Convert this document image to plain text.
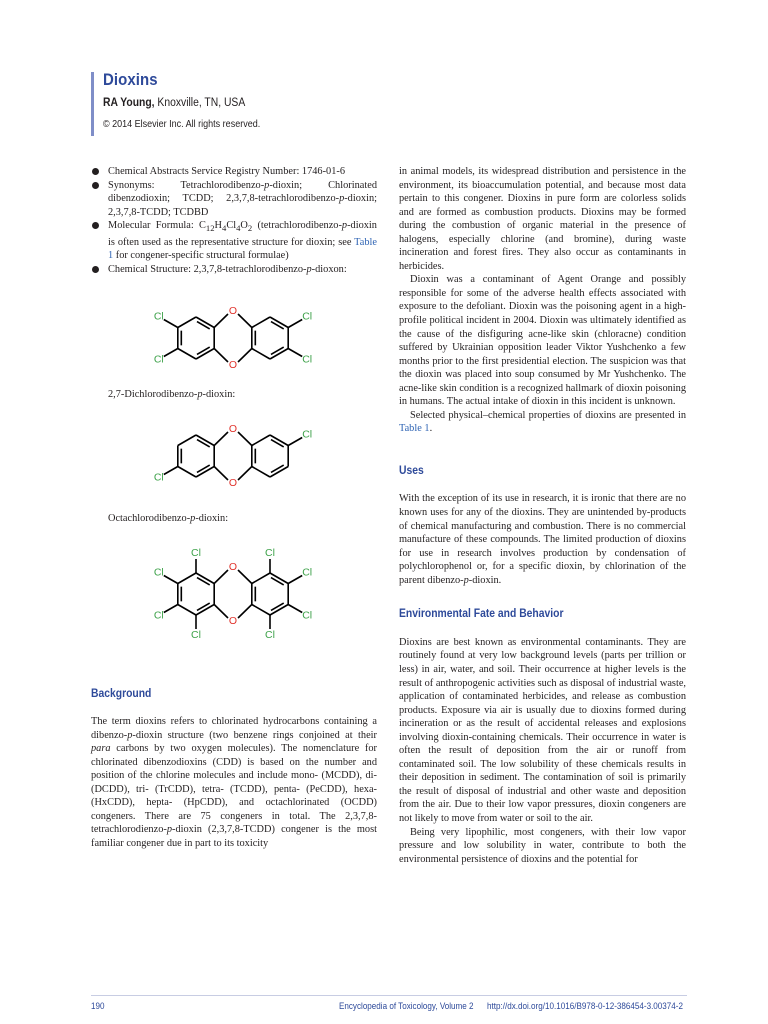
Dioxins
RA Young, Knoxville, TN, USA
© 2014 Elsevier Inc. All rights reserved.
Chemical Abstracts Service Registry Number: 1746-01-6
Synonyms: Tetrachlorodibenzo-p-dioxin; Chlorinated dibenzodioxin; TCDD; 2,3,7,8-tetrachlorodibenzo-p-dioxin; 2,3,7,8-TCDD; TCDBD
Molecular Formula: $C_{12}H_4Cl_4O_2$ (tetrachlorodibenzo-p-dioxin is often used as the representative structure for dioxin; see Table 1 for congener-specific structural formulae)
Chemical Structure: 2,3,7,8-tetrachlorodibenzo-p-dioxon:
O
O
Cl
Cl
Cl
Cl

2,7-Dichlorodibenzo-p-dioxin:

O
O
Cl
Cl

Octachlorodibenzo-p-dioxin:

O
O
Cl
Cl
Cl
Cl
Cl
Cl
Cl
Cl
Background

The term dioxins refers to chlorinated hydrocarbons containing a dibenzo-p-dioxin structure (two benzene rings conjoined at their para carbons by two oxygen molecules). The nomenclature for chlorinated dibenzodioxins (CDD) is based on the number and position of the chlorine molecules and include mono- (MCDD), di- (DCDD), tri- (TrCDD), tetra- (TCDD), penta- (PeCDD), hexa- (HxCDD), hepta- (HpCDD), and octachlorinated (OCDD) congeners. There are 75 congeners in total. The 2,3,7,8-tetrachlorodienzo-p-dioxin (2,3,7,8-TCDD) congener is the most familiar congener due in part to its toxicity

in animal models, its widespread distribution and persistence in the environment, its bioaccumulation potential, and because most data pertain to this congener. Dioxins in pure form are colorless solids and are formed as combustion products. Dioxins may be formed during the combustion of organic material in the presence of halogens, especially chlorine (and bromine), during waste incineration and forest fires. They also occur as contaminants in herbicides.

Dioxin was a contaminant of Agent Orange and possibly responsible for some of the adverse health effects associated with exposure to the defoliant. Dioxin was the poisoning agent in a high-profile political incident in 2004. Dioxin was ultimately identified as the cause of the disfiguring acne-like skin (chloracne) condition suffered by Ukrainian opposition leader Viktor Yushchenko a few months prior to the first presidential election. The suspicion was that the dioxin was placed into soup consumed by Mr Yushchenko. The acne-like skin condition is a recognized hallmark of dioxin poisoning in humans. The actual intake of dioxin in this incident is unknown.

Selected physical–chemical properties of dioxins are presented in Table 1.

Uses

With the exception of its use in research, it is ironic that there are no known uses for any of the dioxins. They are unintended by-products of chemical manufacturing and combustion. There is no commercial manufacture of these compounds. The limited production of dioxins for use in research involves production by condensation of polychlorophenol or, for a specific dioxin, by chlorination of the parent dibenzo-p-dioxin.

Environmental Fate and Behavior

Dioxins are best known as environmental contaminants. They are routinely found at very low background levels (parts per trillion or less) in air, water, and soil. Their occurrence at higher levels is the result of anthropogenic activities such as disposal of industrial waste, application of contaminated herbicides, and release as combustion products. Exposure via air is usually due to dioxins formed during incineration or as the result of accidental releases and explosions involving dioxin-containing chemicals. Their occurrence in water is often the result of deposition from the air or runoff from contaminated soil. The low solubility of these chemicals results in their deposition in sediment. The contamination of soil is primarily the result of disposal of industrial and other waste and deposition from the air. Due to their low vapor pressures, dioxin congeners are not likely to move from water or soil to the air.

Being very lipophilic, most congeners, with their low vapor pressure and low solubility in water, contribute to both the environmental persistence of dioxins and the potential for

190	Encyclopedia of Toxicology, Volume 2 http://dx.doi.org/10.1016/B978-0-12-386454-3.00374-2
